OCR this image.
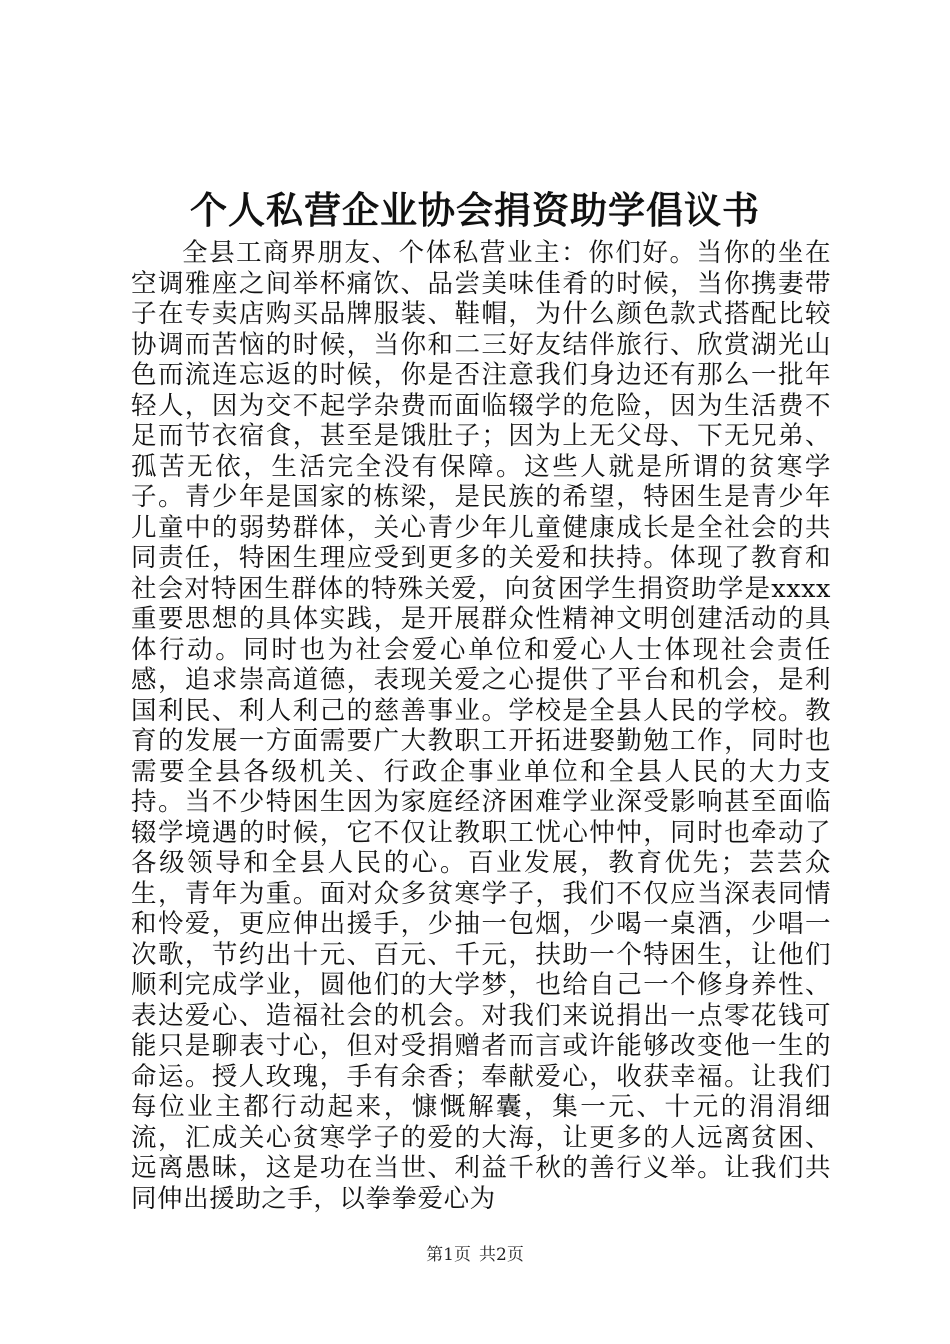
个人私营企业协会捐资助学倡议书

全县工商界朋友、个体私营业主：你们好。当你的坐在空调雅座之间举杯痛饮、品尝美味佳肴的时候，当你携妻带子在专卖店购买品牌服装、鞋帽，为什么颜色款式搭配比较协调而苦恼的时候，当你和二三好友结伴旅行、欣赏湖光山色而流连忘返的时候，你是否注意我们身边还有那么一批年轻人，因为交不起学杂费而面临辍学的危险，因为生活费不足而节衣宿食，甚至是饿肚子；因为上无父母、下无兄弟、孤苦无依，生活完全没有保障。这些人就是所谓的贫寒学子。青少年是国家的栋梁，是民族的希望，特困生是青少年儿童中的弱势群体，关心青少年儿童健康成长是全社会的共同责任，特困生理应受到更多的关爱和扶持。体现了教育和社会对特困生群体的特殊关爱，向贫困学生捐资助学是xxxx重要思想的具体实践，是开展群众性精神文明创建活动的具体行动。同时也为社会爱心单位和爱心人士体现社会责任感，追求崇高道德，表现关爱之心提供了平台和机会，是利国利民、利人利己的慈善事业。学校是全县人民的学校。教育的发展一方面需要广大教职工开拓进娶勤勉工作，同时也需要全县各级机关、行政企事业单位和全县人民的大力支持。当不少特困生因为家庭经济困难学业深受影响甚至面临辍学境遇的时候，它不仅让教职工忧心忡忡，同时也牵动了各级领导和全县人民的心。百业发展，教育优先；芸芸众生，青年为重。面对众多贫寒学子，我们不仅应当深表同情和怜爱，更应伸出援手，少抽一包烟，少喝一桌酒，少唱一次歌，节约出十元、百元、千元，扶助一个特困生，让他们顺利完成学业，圆他们的大学梦，也给自己一个修身养性、表达爱心、造福社会的机会。对我们来说捐出一点零花钱可能只是聊表寸心，但对受捐赠者而言或许能够改变他一生的命运。授人玫瑰，手有余香；奉献爱心，收获幸福。让我们每位业主都行动起来，慷慨解囊，集一元、十元的涓涓细流，汇成关心贫寒学子的爱的大海，让更多的人远离贫困、远离愚昧，这是功在当世、利益千秋的善行义举。让我们共同伸出援助之手，以拳拳爱心为

第1页 共2页
